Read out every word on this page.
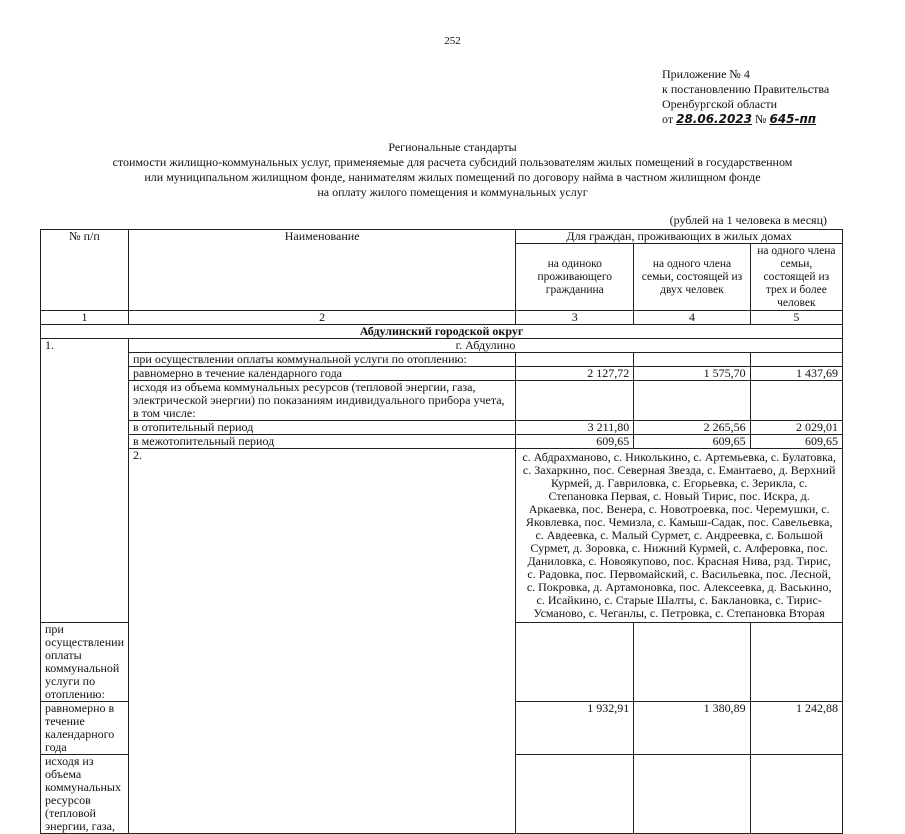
252
Приложение № 4
к постановлению Правительства
Оренбургской области
от 28.06.2023 № 645-пп
Региональные стандарты
стоимости жилищно-коммунальных услуг, применяемые для расчета субсидий пользователям жилых помещений в государственном
или муниципальном жилищном фонде, нанимателям жилых помещений по договору найма в частном жилищном фонде
на оплату жилого помещения и коммунальных услуг
(рублей на 1 человека в месяц)
№ п/п	Наименование	Для граждан, проживающих в жилых домах		
		на одиноко проживающего гражданина	на одного члена семьи, состоящей из двух человек	на одного члена семьи, состоящей из трех и более человек
1	2	3	4	5
Абдулинский городской округ				
1.	г. Абдулино			
	при осуществлении оплаты коммунальной услуги по отоплению:			
	равномерно в течение календарного года	2 127,72	1 575,70	1 437,69
	исходя из объема коммунальных ресурсов (тепловой энергии, газа, электрической энергии) по показаниям индивидуального прибора учета, в том числе:			
	в отопительный период	3 211,80	2 265,56	2 029,01
	в межотопительный период	609,65	609,65	609,65
	2.	с. Абдрахманово, с. Николькино, с. Артемьевка, с. Булатовка, с. Захаркино, пос. Северная Звезда, с. Емантаево, д. Верхний Курмей, д. Гавриловка, с. Егорьевка, с. Зерикла, с. Степановка Первая, с. Новый Тирис, пос. Искра, д. Аркаевка, пос. Венера, с. Новотроевка, пос. Черемушки, с. Яковлевка, пос. Чемизла, с. Камыш-Садак, пос. Савельевка, с. Авдеевка, с. Малый Сурмет, с. Андреевка, с. Большой Сурмет, д. Зоровка, с. Нижний Курмей, с. Алферовка, пос. Даниловка, с. Новоякупово, пос. Красная Нива, рзд. Тирис, с. Радовка, пос. Первомайский, с. Васильевка, пос. Лесной, с. Покровка, д. Артамоновка, пос. Алексеевка, д. Васькино, с. Исайкино, с. Старые Шалты, с. Баклановка, с. Тирис-Усманово, с. Чеганлы, с. Петровка, с. Степановка Вторая		
при осуществлении оплаты коммунальной услуги по отоплению:				
равномерно в течение календарного года		1 932,91	1 380,89	1 242,88
исходя из объема коммунальных ресурсов (тепловой энергии, газа,				
